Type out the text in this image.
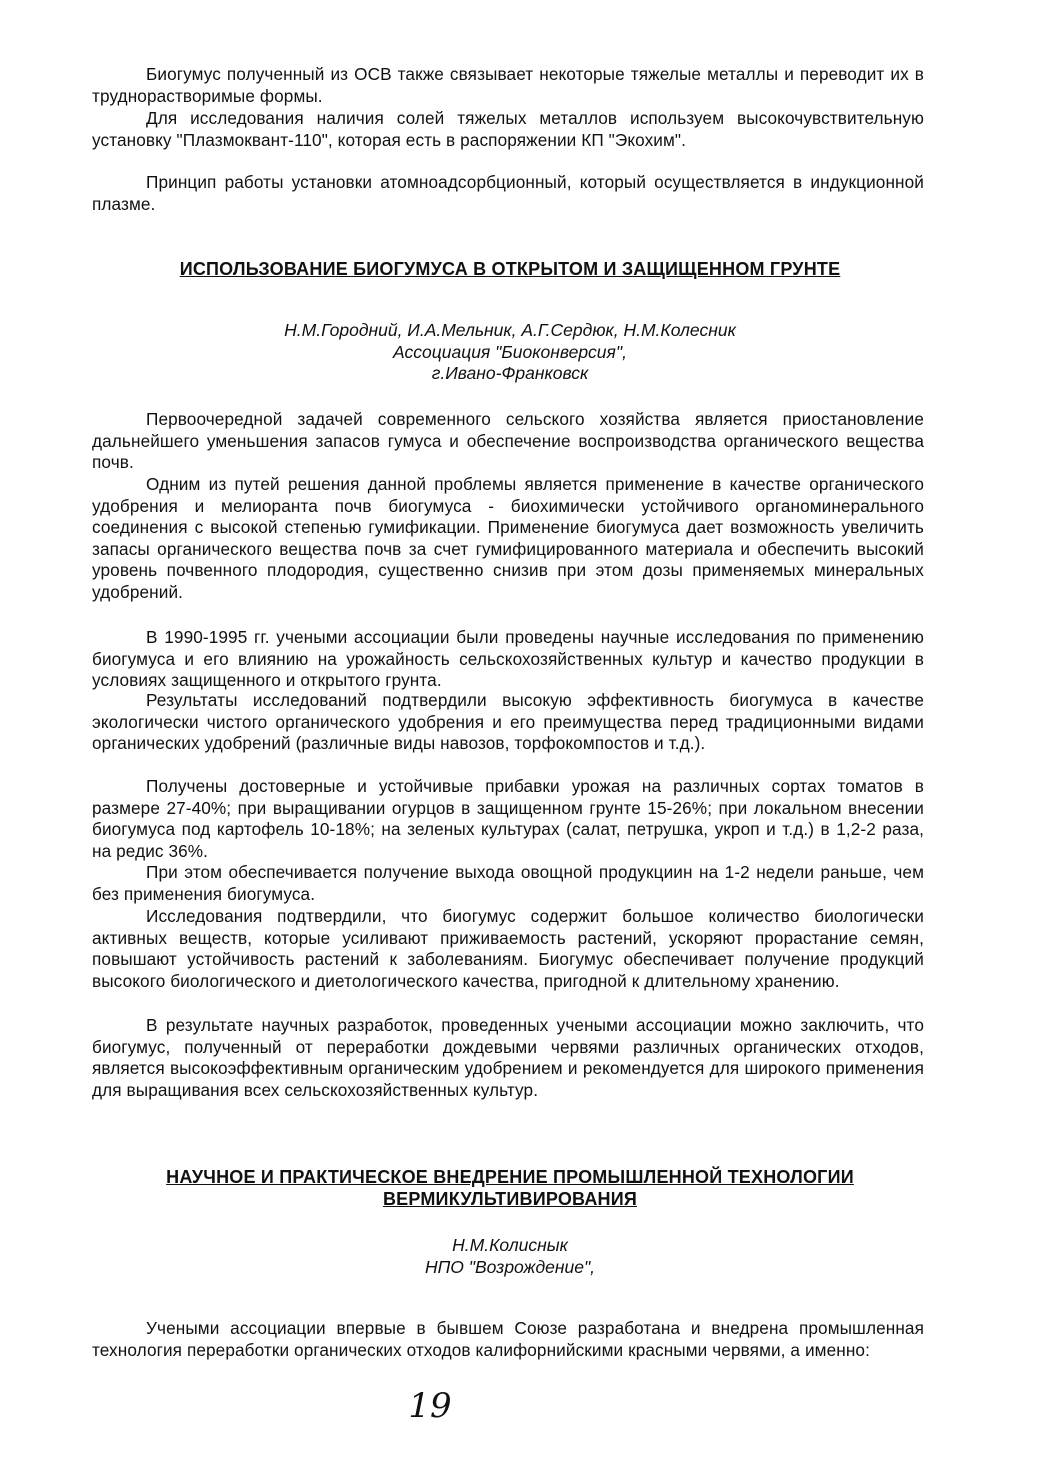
Биогумус полученный из ОСВ также связывает некоторые тяжелые металлы и переводит их в труднорастворимые формы.

Для исследования наличия солей тяжелых металлов используем высокочувствительную установку "Плазмоквант-110", которая есть в распоряжении КП "Экохим".

Принцип работы установки атомноадсорбционный, который осуществляется в индукционной плазме.

ИСПОЛЬЗОВАНИЕ БИОГУМУСА В ОТКРЫТОМ И ЗАЩИЩЕННОМ ГРУНТЕ
Н.М.Городний, И.А.Мельник, А.Г.Сердюк, Н.М.Колесник
Ассоциация "Биоконверсия",
г.Ивано-Франковск

Первоочередной задачей современного сельского хозяйства является приостановление дальнейшего уменьшения запасов гумуса и обеспечение воспроизводства органического вещества почв.

Одним из путей решения данной проблемы является применение в качестве органического удобрения и мелиоранта почв биогумуса - биохимически устойчивого органоминерального соединения с высокой степенью гумификации. Применение биогумуса дает возможность увеличить запасы органического вещества почв за счет гумифицированного материала и обеспечить высокий уровень почвенного плодородия, существенно снизив при этом дозы применяемых минеральных удобрений.

В 1990-1995 гг. учеными ассоциации были проведены научные исследования по применению биогумуса и его влиянию на урожайность сельскохозяйственных культур и качество продукции в условиях защищенного и открытого грунта.

Результаты исследований подтвердили высокую эффективность биогумуса в качестве экологически чистого органического удобрения и его преимущества перед традиционными видами органических удобрений (различные виды навозов, торфокомпостов и т.д.).

Получены достоверные и устойчивые прибавки урожая на различных сортах томатов в размере 27-40%; при выращивании огурцов в защищенном грунте 15-26%; при локальном внесении биогумуса под картофель 10-18%; на зеленых культурах (салат, петрушка, укроп и т.д.) в 1,2-2 раза, на редис 36%.

При этом обеспечивается получение выхода овощной продукциин на 1-2 недели раньше, чем без применения биогумуса.

Исследования подтвердили, что биогумус содержит большое количество биологически активных веществ, которые усиливают приживаемость растений, ускоряют прорастание семян, повышают устойчивость растений к заболеваниям. Биогумус обеспечивает получение продукций высокого биологического и диетологического качества, пригодной к длительному хранению.

В результате научных разработок, проведенных учеными ассоциации можно заключить, что биогумус, полученный от переработки дождевыми червями различных органических отходов, является высокоэффективным органическим удобрением и рекомендуется для широкого применения для выращивания всех сельскохозяйственных культур.

НАУЧНОЕ И ПРАКТИЧЕСКОЕ ВНЕДРЕНИЕ ПРОМЫШЛЕННОЙ ТЕХНОЛОГИИ ВЕРМИКУЛЬТИВИРОВАНИЯ
Н.М.Колиснык
НПО "Возрождение",

Учеными ассоциации впервые в бывшем Союзе разработана и внедрена промышленная технология переработки органических отходов калифорнийскими красными червями, а именно:

19
